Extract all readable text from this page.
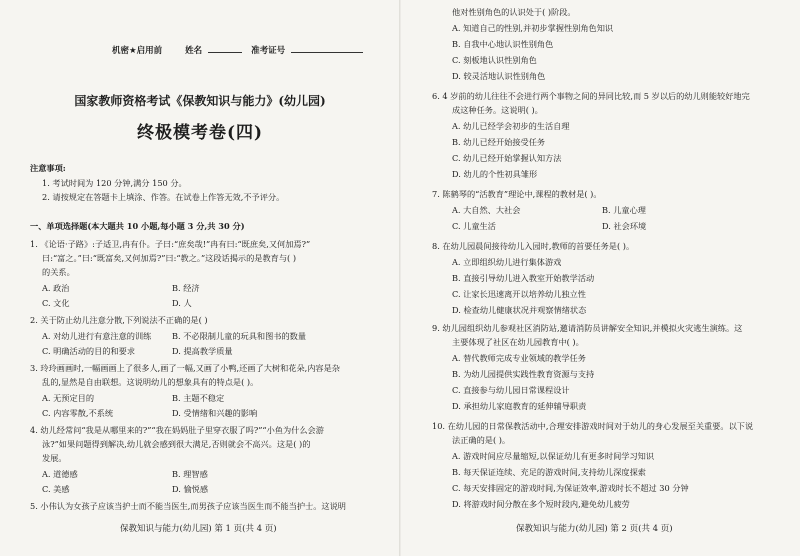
机密★启用前	姓名	准考证号
国家教师资格考试《保教知识与能力》(幼儿园)
终极模考卷(四)
注意事项:
1. 考试时间为 120 分钟,满分 150 分。
2. 请按规定在答题卡上填涂、作答。在试卷上作答无效,不予评分。
一、单项选择题(本大题共 10 小题,每小题 3 分,共 30 分)
1. 《论语·子路》:子适卫,冉有仆。子曰:“庶矣哉!”冉有曰:“既庶矣,又何加焉?”
曰:“富之。”曰:“既富矣,又何加焉?”曰:“教之。”这段话揭示的是教育与( )
的关系。
A. 政治	B. 经济
C. 文化	D. 人
2. 关于防止幼儿注意分散,下列说法不正确的是( )
A. 对幼儿进行有意注意的训练	B. 不必限制儿童的玩具和图书的数量
C. 明确活动的目的和要求	D. 提高教学质量
3. 玲玲画画时,一幅画画上了很多人,画了一幅,又画了小鸭,还画了大树和花朵,内容是杂
乱的,显然是自由联想。这说明幼儿的想象具有的特点是( )。
A. 无预定目的	B. 主题不稳定
C. 内容零散,不系统	D. 受情绪和兴趣的影响
4. 幼儿经常问“我是从哪里来的?”“我在妈妈肚子里穿衣服了吗?”“小鱼为什么会游
泳?”如果问题得到解决,幼儿就会感到很大满足,否则就会不高兴。这是( )的
发展。
A. 道德感	B. 理智感
C. 美感	D. 愉悦感
5. 小伟认为女孩子应该当护士而不能当医生,而男孩子应该当医生而不能当护士。这说明
保教知识与能力(幼儿园) 第 1 页(共 4 页)
他对性别角色的认识处于( )阶段。
A. 知道自己的性别,并初步掌握性别角色知识
B. 自我中心地认识性别角色
C. 刻板地认识性别角色
D. 较灵活地认识性别角色
6. 4 岁前的幼儿往往不会进行两个事物之间的异同比较,而 5 岁以后的幼儿则能较好地完
成这种任务。这说明( )。
A. 幼儿已经学会初步的生活自理
B. 幼儿已经开始接受任务
C. 幼儿已经开始掌握认知方法
D. 幼儿的个性初具雏形
7. 陈鹤琴的“活教育”理论中,课程的教材是( )。
A. 大自然、大社会	B. 儿童心理
C. 儿童生活	D. 社会环境
8. 在幼儿园晨间接待幼儿入园时,教师的首要任务是( )。
A. 立即组织幼儿进行集体游戏
B. 直接引导幼儿进入教室开始教学活动
C. 让家长迅速离开以培养幼儿独立性
D. 检查幼儿健康状况并观察情绪状态
9. 幼儿园组织幼儿参观社区消防站,邀请消防员讲解安全知识,并模拟火灾逃生演练。这
主要体现了社区在幼儿园教育中( )。
A. 替代教师完成专业领域的教学任务
B. 为幼儿园提供实践性教育资源与支持
C. 直接参与幼儿园日常课程设计
D. 承担幼儿家庭教育的延伸辅导职责
10. 在幼儿园的日常保教活动中,合理安排游戏时间对于幼儿的身心发展至关重要。以下说
法正确的是( )。
A. 游戏时间应尽量缩短,以保证幼儿有更多时间学习知识
B. 每天保证连续、充足的游戏时间,支持幼儿深度探索
C. 每天安排固定的游戏时间,为保证效率,游戏时长不超过 30 分钟
D. 将游戏时间分散在多个短时段内,避免幼儿疲劳
保教知识与能力(幼儿园) 第 2 页(共 4 页)
